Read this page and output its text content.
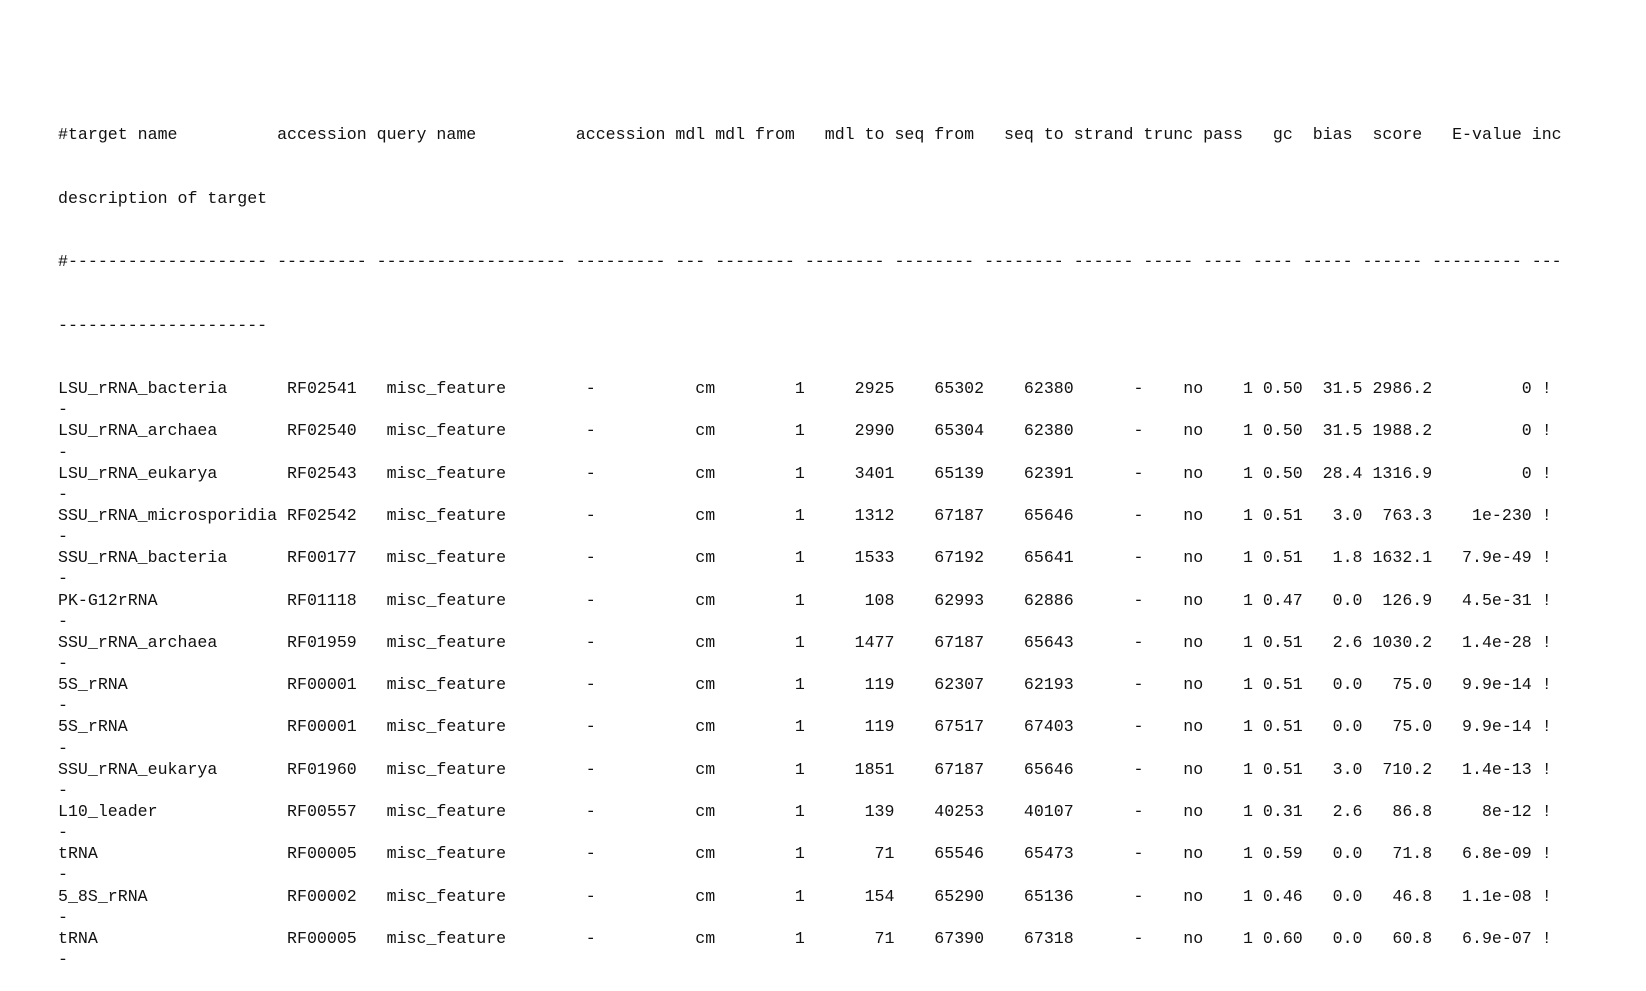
#target name          accession query name          accession mdl mdl from   mdl to seq from   seq to strand trunc pass   gc  bias  score   E-value inc

description of target

#-------------------- --------- ------------------- --------- --- -------- -------- -------- -------- ------ ----- ---- ---- ----- ------ --------- ---

---------------------

LSU_rRNA_bacteria      RF02541   misc_feature        -          cm        1     2925    65302    62380      -    no    1 0.50  31.5 2986.2         0 !
-
LSU_rRNA_archaea       RF02540   misc_feature        -          cm        1     2990    65304    62380      -    no    1 0.50  31.5 1988.2         0 !
-
LSU_rRNA_eukarya       RF02543   misc_feature        -          cm        1     3401    65139    62391      -    no    1 0.50  28.4 1316.9         0 !
-
SSU_rRNA_microsporidia RF02542   misc_feature        -          cm        1     1312    67187    65646      -    no    1 0.51   3.0  763.3    1e-230 !
-
SSU_rRNA_bacteria      RF00177   misc_feature        -          cm        1     1533    67192    65641      -    no    1 0.51   1.8 1632.1   7.9e-49 !
-
PK-G12rRNA             RF01118   misc_feature        -          cm        1      108    62993    62886      -    no    1 0.47   0.0  126.9   4.5e-31 !
-
SSU_rRNA_archaea       RF01959   misc_feature        -          cm        1     1477    67187    65643      -    no    1 0.51   2.6 1030.2   1.4e-28 !
-
5S_rRNA                RF00001   misc_feature        -          cm        1      119    62307    62193      -    no    1 0.51   0.0   75.0   9.9e-14 !
-
5S_rRNA                RF00001   misc_feature        -          cm        1      119    67517    67403      -    no    1 0.51   0.0   75.0   9.9e-14 !
-
SSU_rRNA_eukarya       RF01960   misc_feature        -          cm        1     1851    67187    65646      -    no    1 0.51   3.0  710.2   1.4e-13 !
-
L10_leader             RF00557   misc_feature        -          cm        1      139    40253    40107      -    no    1 0.31   2.6   86.8     8e-12 !
-
tRNA                   RF00005   misc_feature        -          cm        1       71    65546    65473      -    no    1 0.59   0.0   71.8   6.8e-09 !
-
5_8S_rRNA              RF00002   misc_feature        -          cm        1      154    65290    65136      -    no    1 0.46   0.0   46.8   1.1e-08 !
-
tRNA                   RF00005   misc_feature        -          cm        1       71    67390    67318      -    no    1 0.60   0.0   60.8   6.9e-07 !
-
